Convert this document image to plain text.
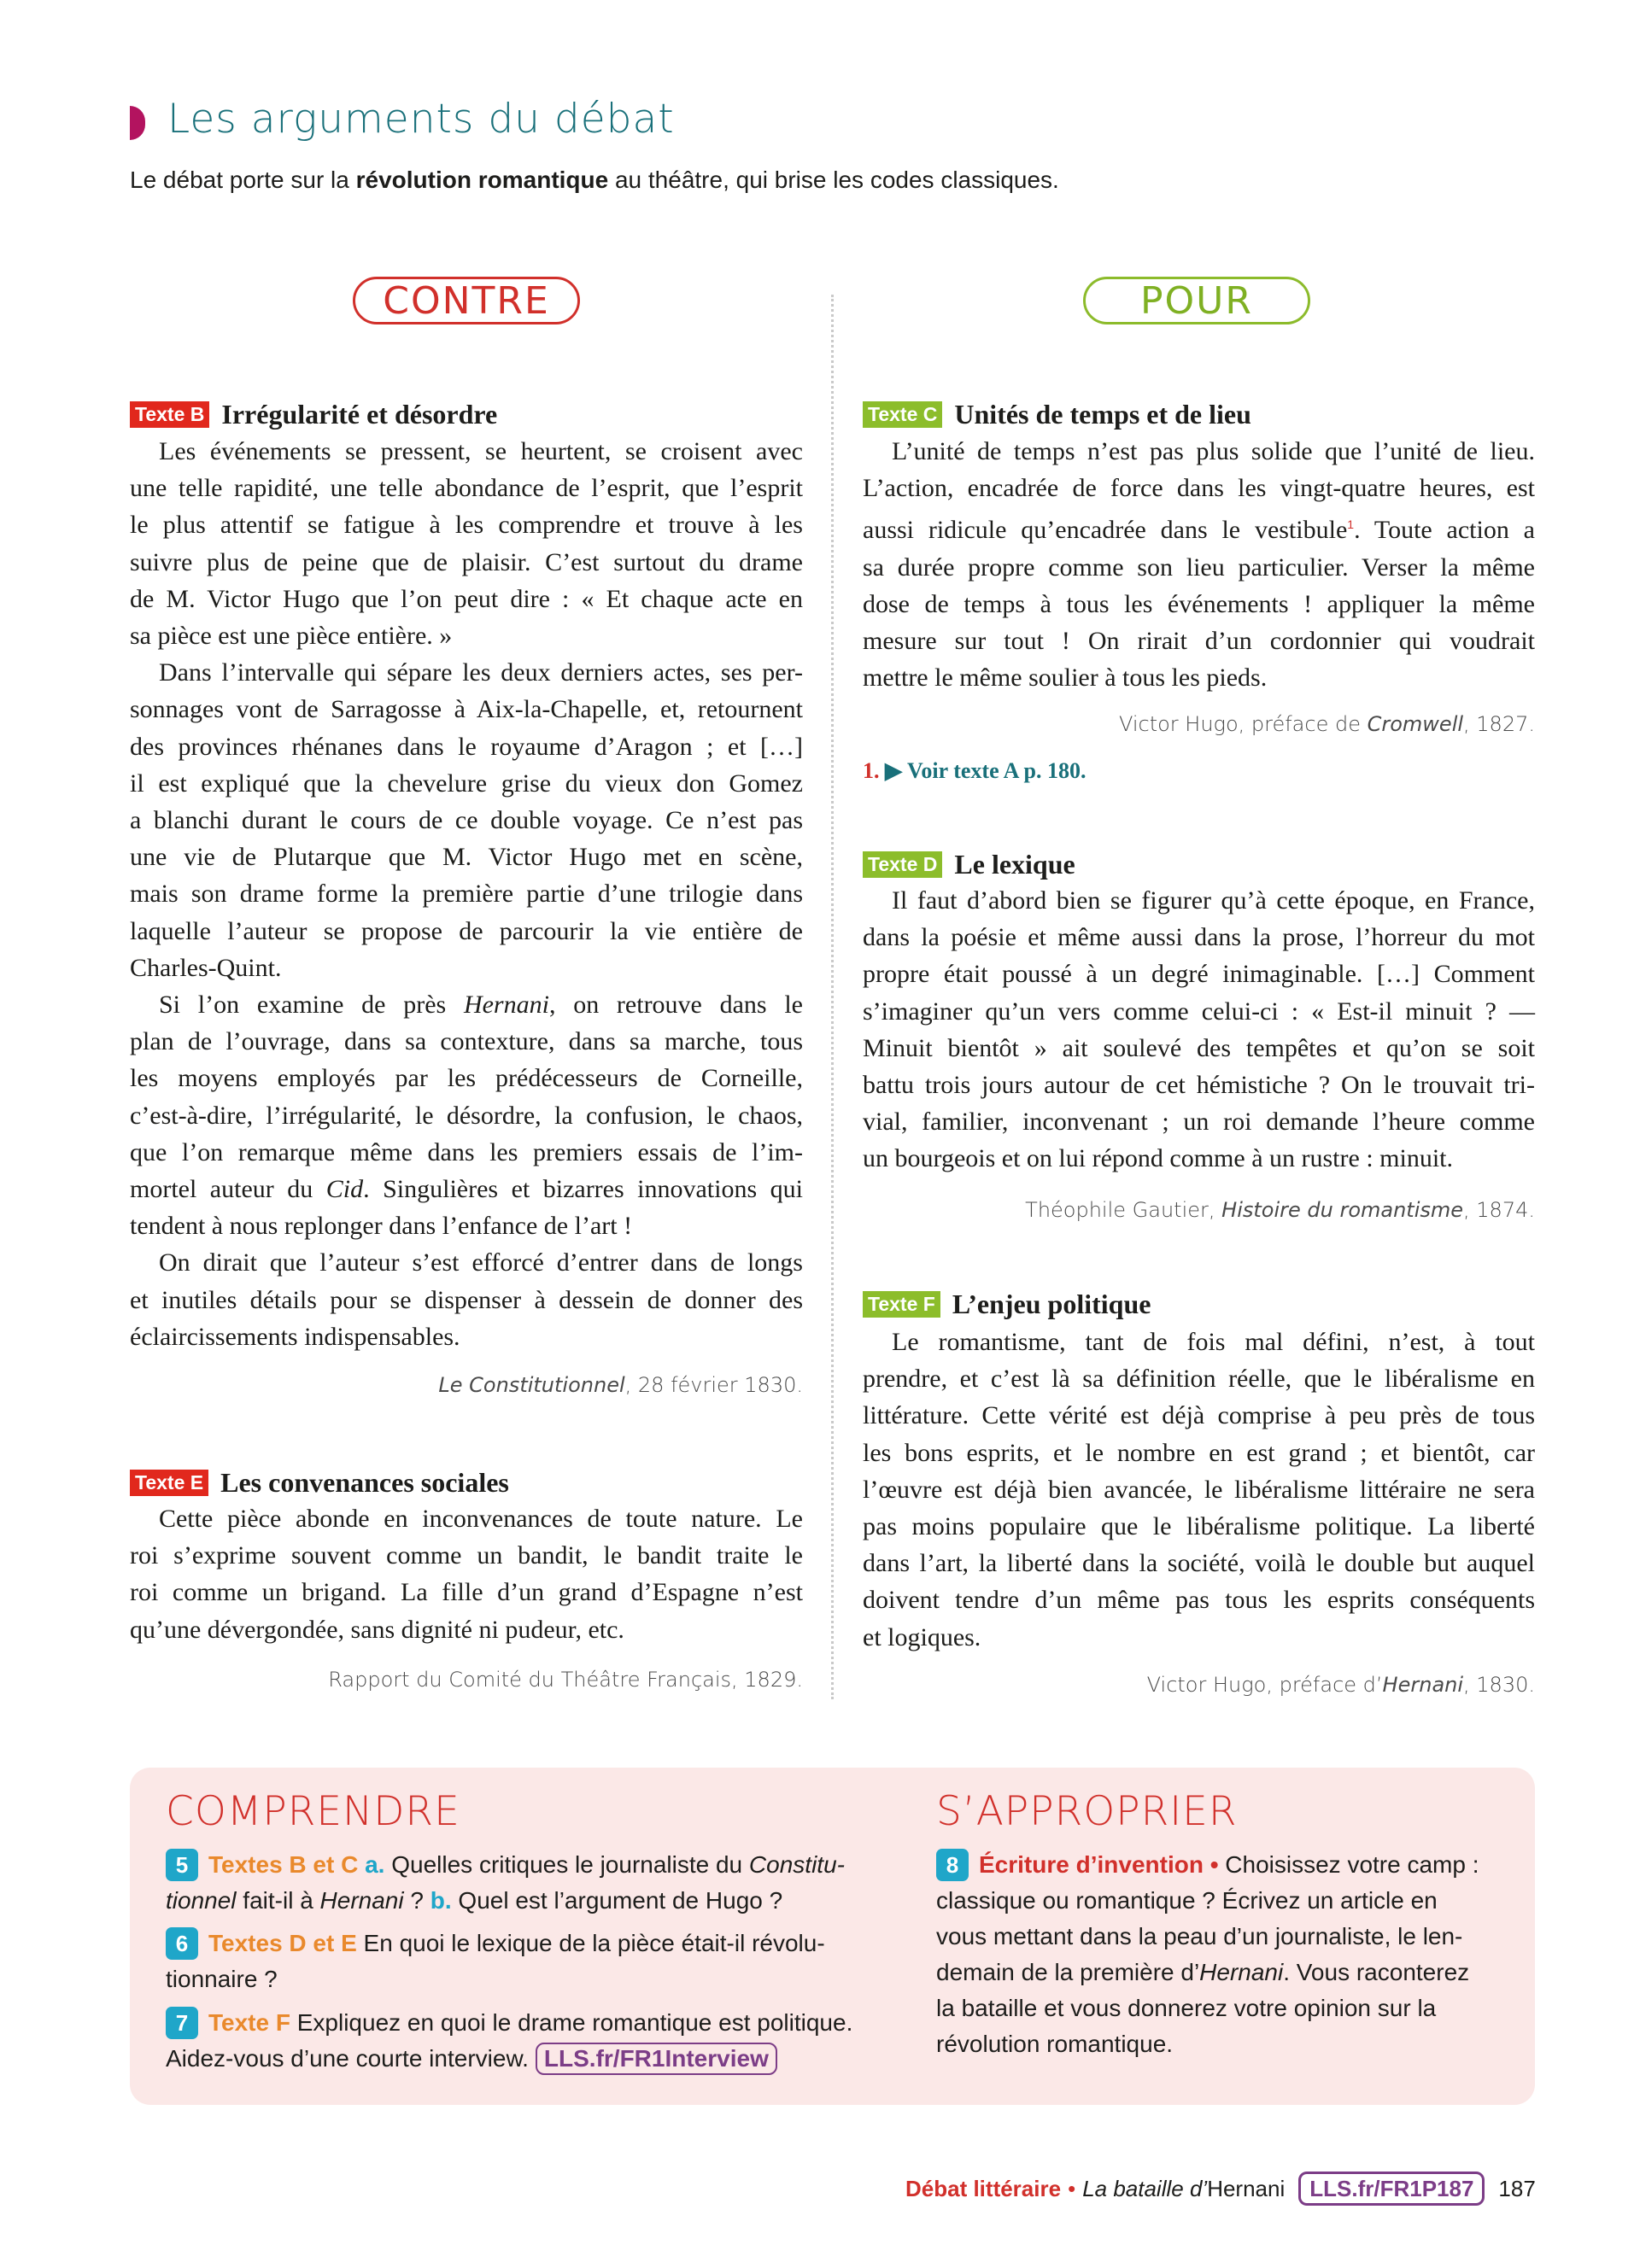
Les arguments du débat
Le débat porte sur la révolution romantique au théâtre, qui brise les codes classiques.
CONTRE	POUR
Texte B Irrégularité et désordre
Les événements se pressent, se heurtent, se croisent avec
une telle rapidité, une telle abondance de l’esprit, que l’esprit
le plus attentif se fatigue à les comprendre et trouve à les
suivre plus de peine que de plaisir. C’est surtout du drame
de M. Victor Hugo que l’on peut dire : « Et chaque acte en
sa pièce est une pièce entière. »
Dans l’intervalle qui sépare les deux derniers actes, ses per-
sonnages vont de Sarragosse à Aix-la-Chapelle, et, retournent
des provinces rhénanes dans le royaume d’Aragon ; et […]
il est expliqué que la chevelure grise du vieux don Gomez
a blanchi durant le cours de ce double voyage. Ce n’est pas
une vie de Plutarque que M. Victor Hugo met en scène,
mais son drame forme la première partie d’une trilogie dans
laquelle l’auteur se propose de parcourir la vie entière de
Charles-Quint.
Si l’on examine de près Hernani, on retrouve dans le
plan de l’ouvrage, dans sa contexture, dans sa marche, tous
les moyens employés par les prédécesseurs de Corneille,
c’est-à-dire, l’irrégularité, le désordre, la confusion, le chaos,
que l’on remarque même dans les premiers essais de l’im-
mortel auteur du Cid. Singulières et bizarres innovations qui
tendent à nous replonger dans l’enfance de l’art !
On dirait que l’auteur s’est efforcé d’entrer dans de longs
et inutiles détails pour se dispenser à dessein de donner des
éclaircissements indispensables.
Le Constitutionnel, 28 février 1830.
Texte E Les convenances sociales
Cette pièce abonde en inconvenances de toute nature. Le
roi s’exprime souvent comme un bandit, le bandit traite le
roi comme un brigand. La fille d’un grand d’Espagne n’est
qu’une dévergondée, sans dignité ni pudeur, etc.
Rapport du Comité du Théâtre Français, 1829.
Texte C Unités de temps et de lieu
L’unité de temps n’est pas plus solide que l’unité de lieu.
L’action, encadrée de force dans les vingt-quatre heures, est
aussi ridicule qu’encadrée dans le vestibule$^1$. Toute action a
sa durée propre comme son lieu particulier. Verser la même
dose de temps à tous les événements ! appliquer la même
mesure sur tout ! On rirait d’un cordonnier qui voudrait
mettre le même soulier à tous les pieds.
Victor Hugo, préface de Cromwell, 1827.
1. ▶ Voir texte A p. 180.
Texte D Le lexique
Il faut d’abord bien se figurer qu’à cette époque, en France,
dans la poésie et même aussi dans la prose, l’horreur du mot
propre était poussé à un degré inimaginable. […] Comment
s’imaginer qu’un vers comme celui-ci : « Est-il minuit ? —
Minuit bientôt » ait soulevé des tempêtes et qu’on se soit
battu trois jours autour de cet hémistiche ? On le trouvait tri-
vial, familier, inconvenant ; un roi demande l’heure comme
un bourgeois et on lui répond comme à un rustre : minuit.
Théophile Gautier, Histoire du romantisme, 1874.
Texte F L’enjeu politique
Le romantisme, tant de fois mal défini, n’est, à tout
prendre, et c’est là sa définition réelle, que le libéralisme en
littérature. Cette vérité est déjà comprise à peu près de tous
les bons esprits, et le nombre en est grand ; et bientôt, car
l’œuvre est déjà bien avancée, le libéralisme littéraire ne sera
pas moins populaire que le libéralisme politique. La liberté
dans l’art, la liberté dans la société, voilà le double but auquel
doivent tendre d’un même pas tous les esprits conséquents
et logiques.
Victor Hugo, préface d’Hernani, 1830.
COMPRENDRE
5 Textes B et C a. Quelles critiques le journaliste du Constitu-
tionnel fait-il à Hernani ? b. Quel est l’argument de Hugo ?
6 Textes D et E En quoi le lexique de la pièce était-il révolu-
tionnaire ?
7 Texte F Expliquez en quoi le drame romantique est politique.
Aidez-vous d’une courte interview. LLS.fr/FR1Interview
S’APPROPRIER
8 Écriture d’invention • Choisissez votre camp :
classique ou romantique ? Écrivez un article en
vous mettant dans la peau d’un journaliste, le len-
demain de la première d’Hernani. Vous raconterez
la bataille et vous donnerez votre opinion sur la
révolution romantique.
Débat littéraire • La bataille d’ Hernani	LLS.fr/FR1P187	187
